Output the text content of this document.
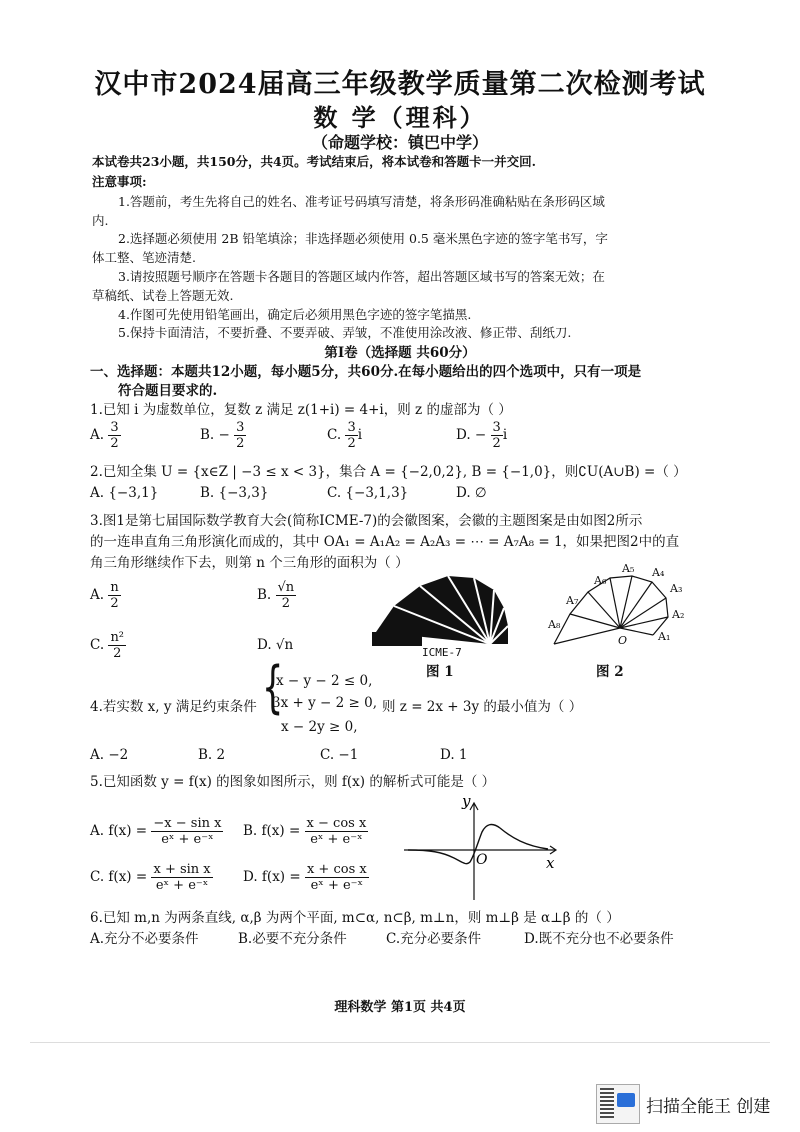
汉中市2024届高三年级教学质量第二次检测考试
数 学（理科）
（命题学校：镇巴中学）
本试卷共23小题，共150分，共4页。考试结束后，将本试卷和答题卡一并交回.
注意事项:
1.答题前，考生先将自己的姓名、准考证号码填写清楚，将条形码准确粘贴在条形码区域
内.
2.选择题必须使用 2B 铅笔填涂；非选择题必须使用 0.5 毫米黑色字迹的签字笔书写，字
体工整、笔迹清楚.
3.请按照题号顺序在答题卡各题目的答题区域内作答，超出答题区域书写的答案无效；在
草稿纸、试卷上答题无效.
4.作图可先使用铅笔画出，确定后必须用黑色字迹的签字笔描黑.
5.保持卡面清洁，不要折叠、不要弄破、弄皱，不准使用涂改液、修正带、刮纸刀.
第Ⅰ卷（选择题 共60分）
一、选择题：本题共12小题，每小题5分，共60分.在每小题给出的四个选项中，只有一项是
符合题目要求的.
1.已知 i 为虚数单位，复数 z 满足 z(1+i) = 4+i，则 z 的虚部为（ ）
A. $\frac{3}{2}$	B. − $\frac{3}{2}$	C. $\frac{3}{2}$ i	D. − $\frac{3}{2}$ i
2.已知全集 U = {x∈Z | −3 ≤ x < 3}，集合 A = {−2,0,2}, B = {−1,0}，则∁U(A∪B) =（ ）
A. {−3,1}	B. {−3,3}	C. {−3,1,3}	D. ∅
3.图1是第七届国际数学教育大会(简称ICME-7)的会徽图案，会徽的主题图案是由如图2所示
的一连串直角三角形演化而成的，其中 OA₁ = A₁A₂ = A₂A₃ = ⋯ = A₇A₈ = 1，如果把图2中的直
角三角形继续作下去，则第 n 个三角形的面积为（ ）
A. $\frac{n}{2}$	B. $\frac{√n}{2}$
C. $\frac{\text{n²}}{2}$	D. √n	ICME-7
图 1
A₁
A₂
A₃
A₄
A₅
A₆
A₇
A₈
O
图 2
4.若实数 x, y 满足约束条件 {
x − y − 2 ≤ 0,
3x + y − 2 ≥ 0,
x − 2y ≥ 0,
则 z = 2x + 3y 的最小值为（ ）
A. −2	B. 2	C. −1	D. 1
5.已知函数 y = f(x) 的图象如图所示，则 f(x) 的解析式可能是（ ）
A. $f(x) = \frac{\text{−x − sin x}}{\text{eˣ + e⁻ˣ}} B$. $f(x) = \frac{\text{x − cos x}}{\text{eˣ + e⁻ˣ}}$
C. $f(x) = \frac{\text{x + sin x}}{\text{eˣ + e⁻ˣ}} D$. $f(x) = \frac{\text{x + cos x}}{\text{eˣ + e⁻ˣ}}$
y
x
O
6.已知 m,n 为两条直线, α,β 为两个平面, m⊂α, n⊂β, m⊥n，则 m⊥β 是 α⊥β 的（ ）
A.充分不必要条件	B.必要不充分条件	C.充分必要条件	D.既不充分也不必要条件
理科数学 第1页 共4页
扫描全能王 创建
